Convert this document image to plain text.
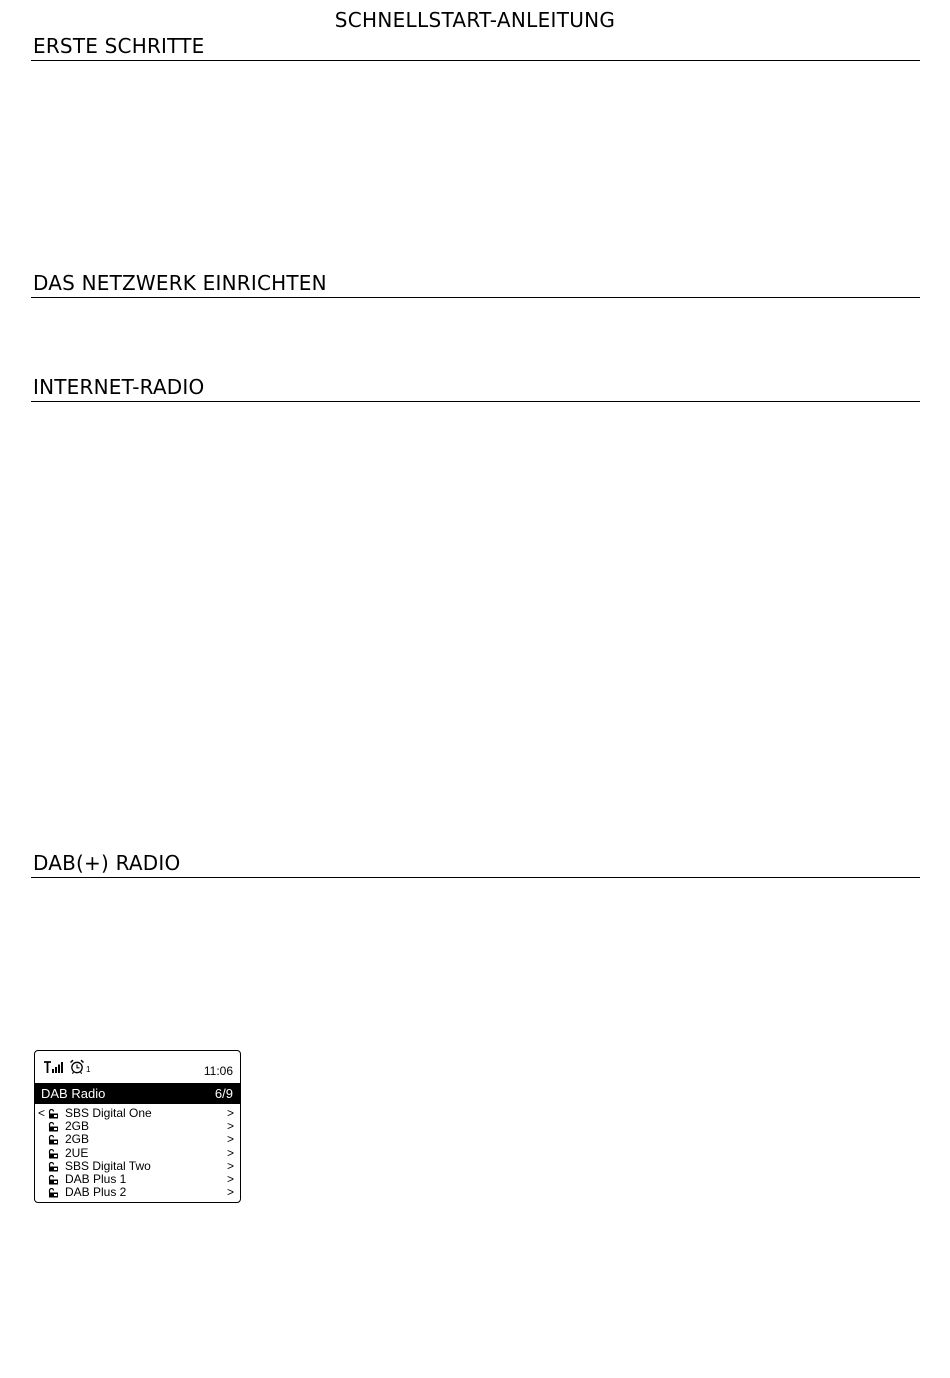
SCHNELLSTART-ANLEITUNG
ERSTE SCHRITTE
DAS NETZWERK EINRICHTEN
INTERNET-RADIO
DAB(+) RADIO
1	11:06
DAB Radio	6/9
< SBS Digital One	>
2GB	>
2GB	>
2UE	>
SBS Digital Two	>
DAB Plus 1	>
DAB Plus 2	>
